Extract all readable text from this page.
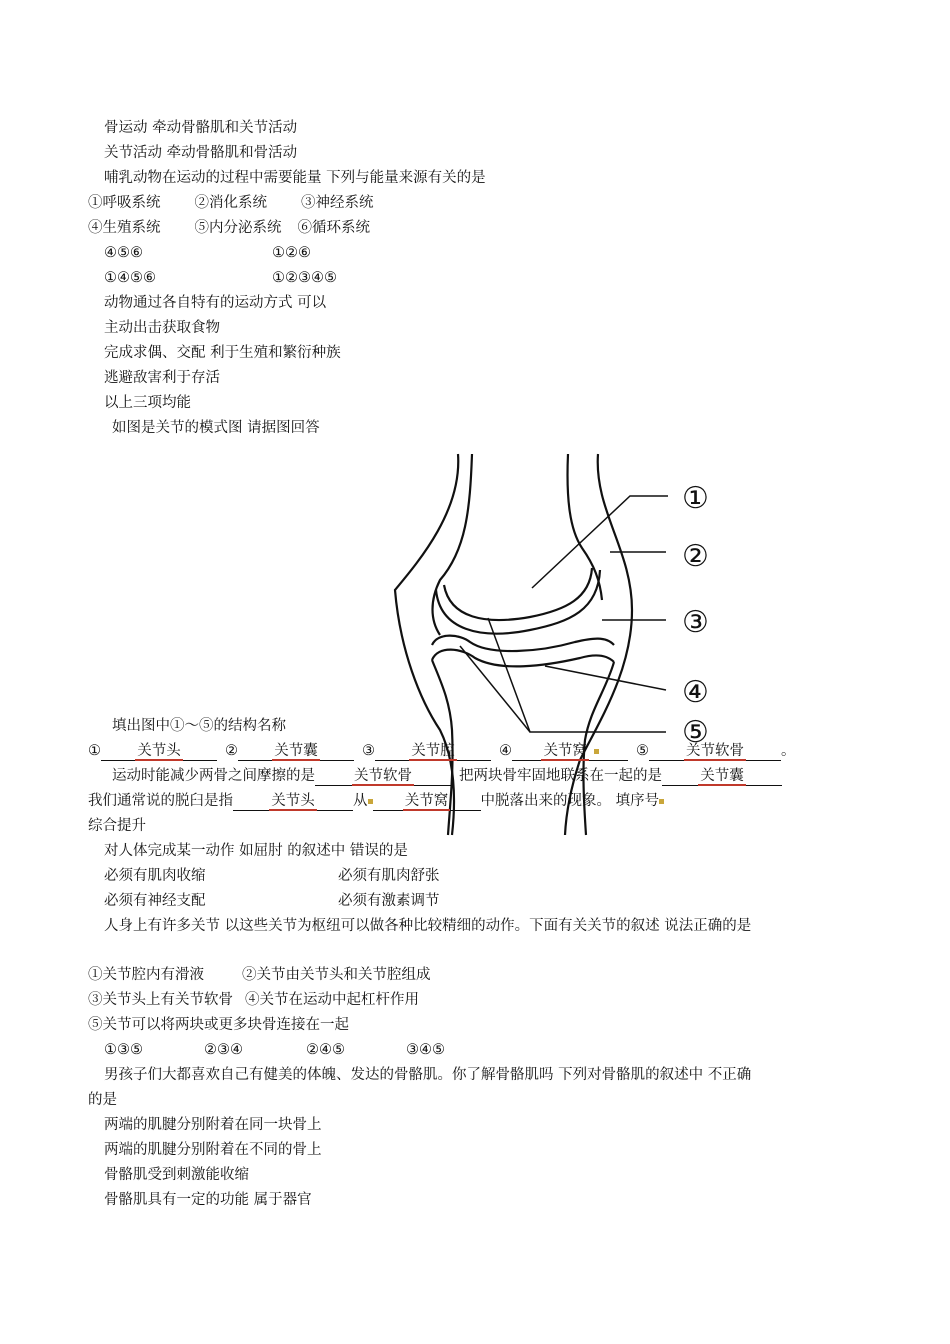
骨运动 牵动骨骼肌和关节活动
关节活动 牵动骨骼肌和骨活动
哺乳动物在运动的过程中需要能量 下列与能量来源有关的是
①呼吸系统 ②消化系统 ③神经系统
④生殖系统 ⑤内分泌系统 ⑥循环系统
④⑤⑥	①②⑥
①④⑤⑥	①②③④⑤
动物通过各自特有的运动方式 可以
主动出击获取食物
完成求偶、交配 利于生殖和繁衍种族
逃避敌害利于存活
以上三项均能
如图是关节的模式图 请据图回答
①
②
③
④
⑤
填出图中①～⑤的结构名称
①	关节头	②	关节囊	③	关节腔	④ 关节窝	⑤	关节软骨	。
运动时能减少两骨之间摩擦的是	关节软骨	把两块骨牢固地联系在一起的是	关节囊
我们通常说的脱臼是指	关节头	从	关节窝 中脱落出来的现象。 填序号
综合提升
对人体完成某一动作 如屈肘 的叙述中 错误的是
必须有肌肉收缩	必须有肌肉舒张
必须有神经支配	必须有激素调节
人身上有许多关节 以这些关节为枢纽可以做各种比较精细的动作。下面有关关节的叙述 说法正确的是
①关节腔内有滑液	②关节由关节头和关节腔组成
③关节头上有关节软骨 ④关节在运动中起杠杆作用
⑤关节可以将两块或更多块骨连接在一起
①③⑤	②③④	②④⑤	③④⑤
男孩子们大都喜欢自己有健美的体魄、发达的骨骼肌。你了解骨骼肌吗 下列对骨骼肌的叙述中 不正确
的是
两端的肌腱分别附着在同一块骨上
两端的肌腱分别附着在不同的骨上
骨骼肌受到刺激能收缩
骨骼肌具有一定的功能 属于器官
